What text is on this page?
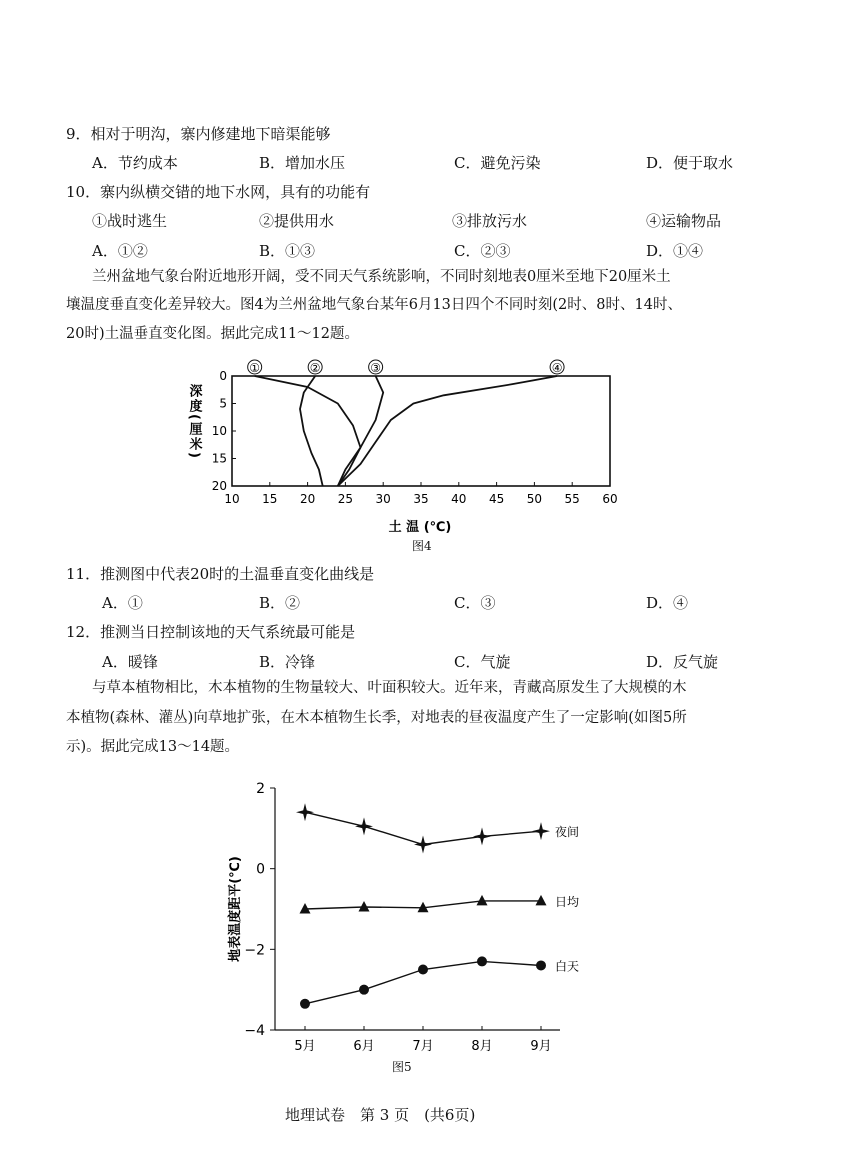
9．相对于明沟，寨内修建地下暗渠能够
A．节约成本	B．增加水压	C．避免污染	D．便于取水
10．寨内纵横交错的地下水网，具有的功能有
①战时逃生	②提供用水	③排放污水	④运输物品
A．①②	B．①③	C．②③	D．①④
兰州盆地气象台附近地形开阔，受不同天气系统影响，不同时刻地表0厘米至地下20厘米土
壤温度垂直变化差异较大。图4为兰州盆地气象台某年6月13日四个不同时刻(2时、8时、14时、
20时)土温垂直变化图。据此完成11～12题。
10 15 20 25 30 35 40 45 50 55 60
0
5
10
15
20
深度(厘米)
土 温 (℃)
①	②	③	④
图4
11．推测图中代表20时的土温垂直变化曲线是
A．①	B．②	C．③	D．④
12．推测当日控制该地的天气系统最可能是
A．暖锋	B．冷锋	C．气旋	D．反气旋
与草本植物相比，木本植物的生物量较大、叶面积较大。近年来，青藏高原发生了大规模的木
本植物(森林、灌丛)向草地扩张，在木本植物生长季，对地表的昼夜温度产生了一定影响(如图5所
示)。据此完成13～14题。
2
0
−2
−4
5月	6月	7月	8月	9月
地表温度距平(℃)
夜间
日均
白天
图5
地理试卷　第 3 页　(共6页)
